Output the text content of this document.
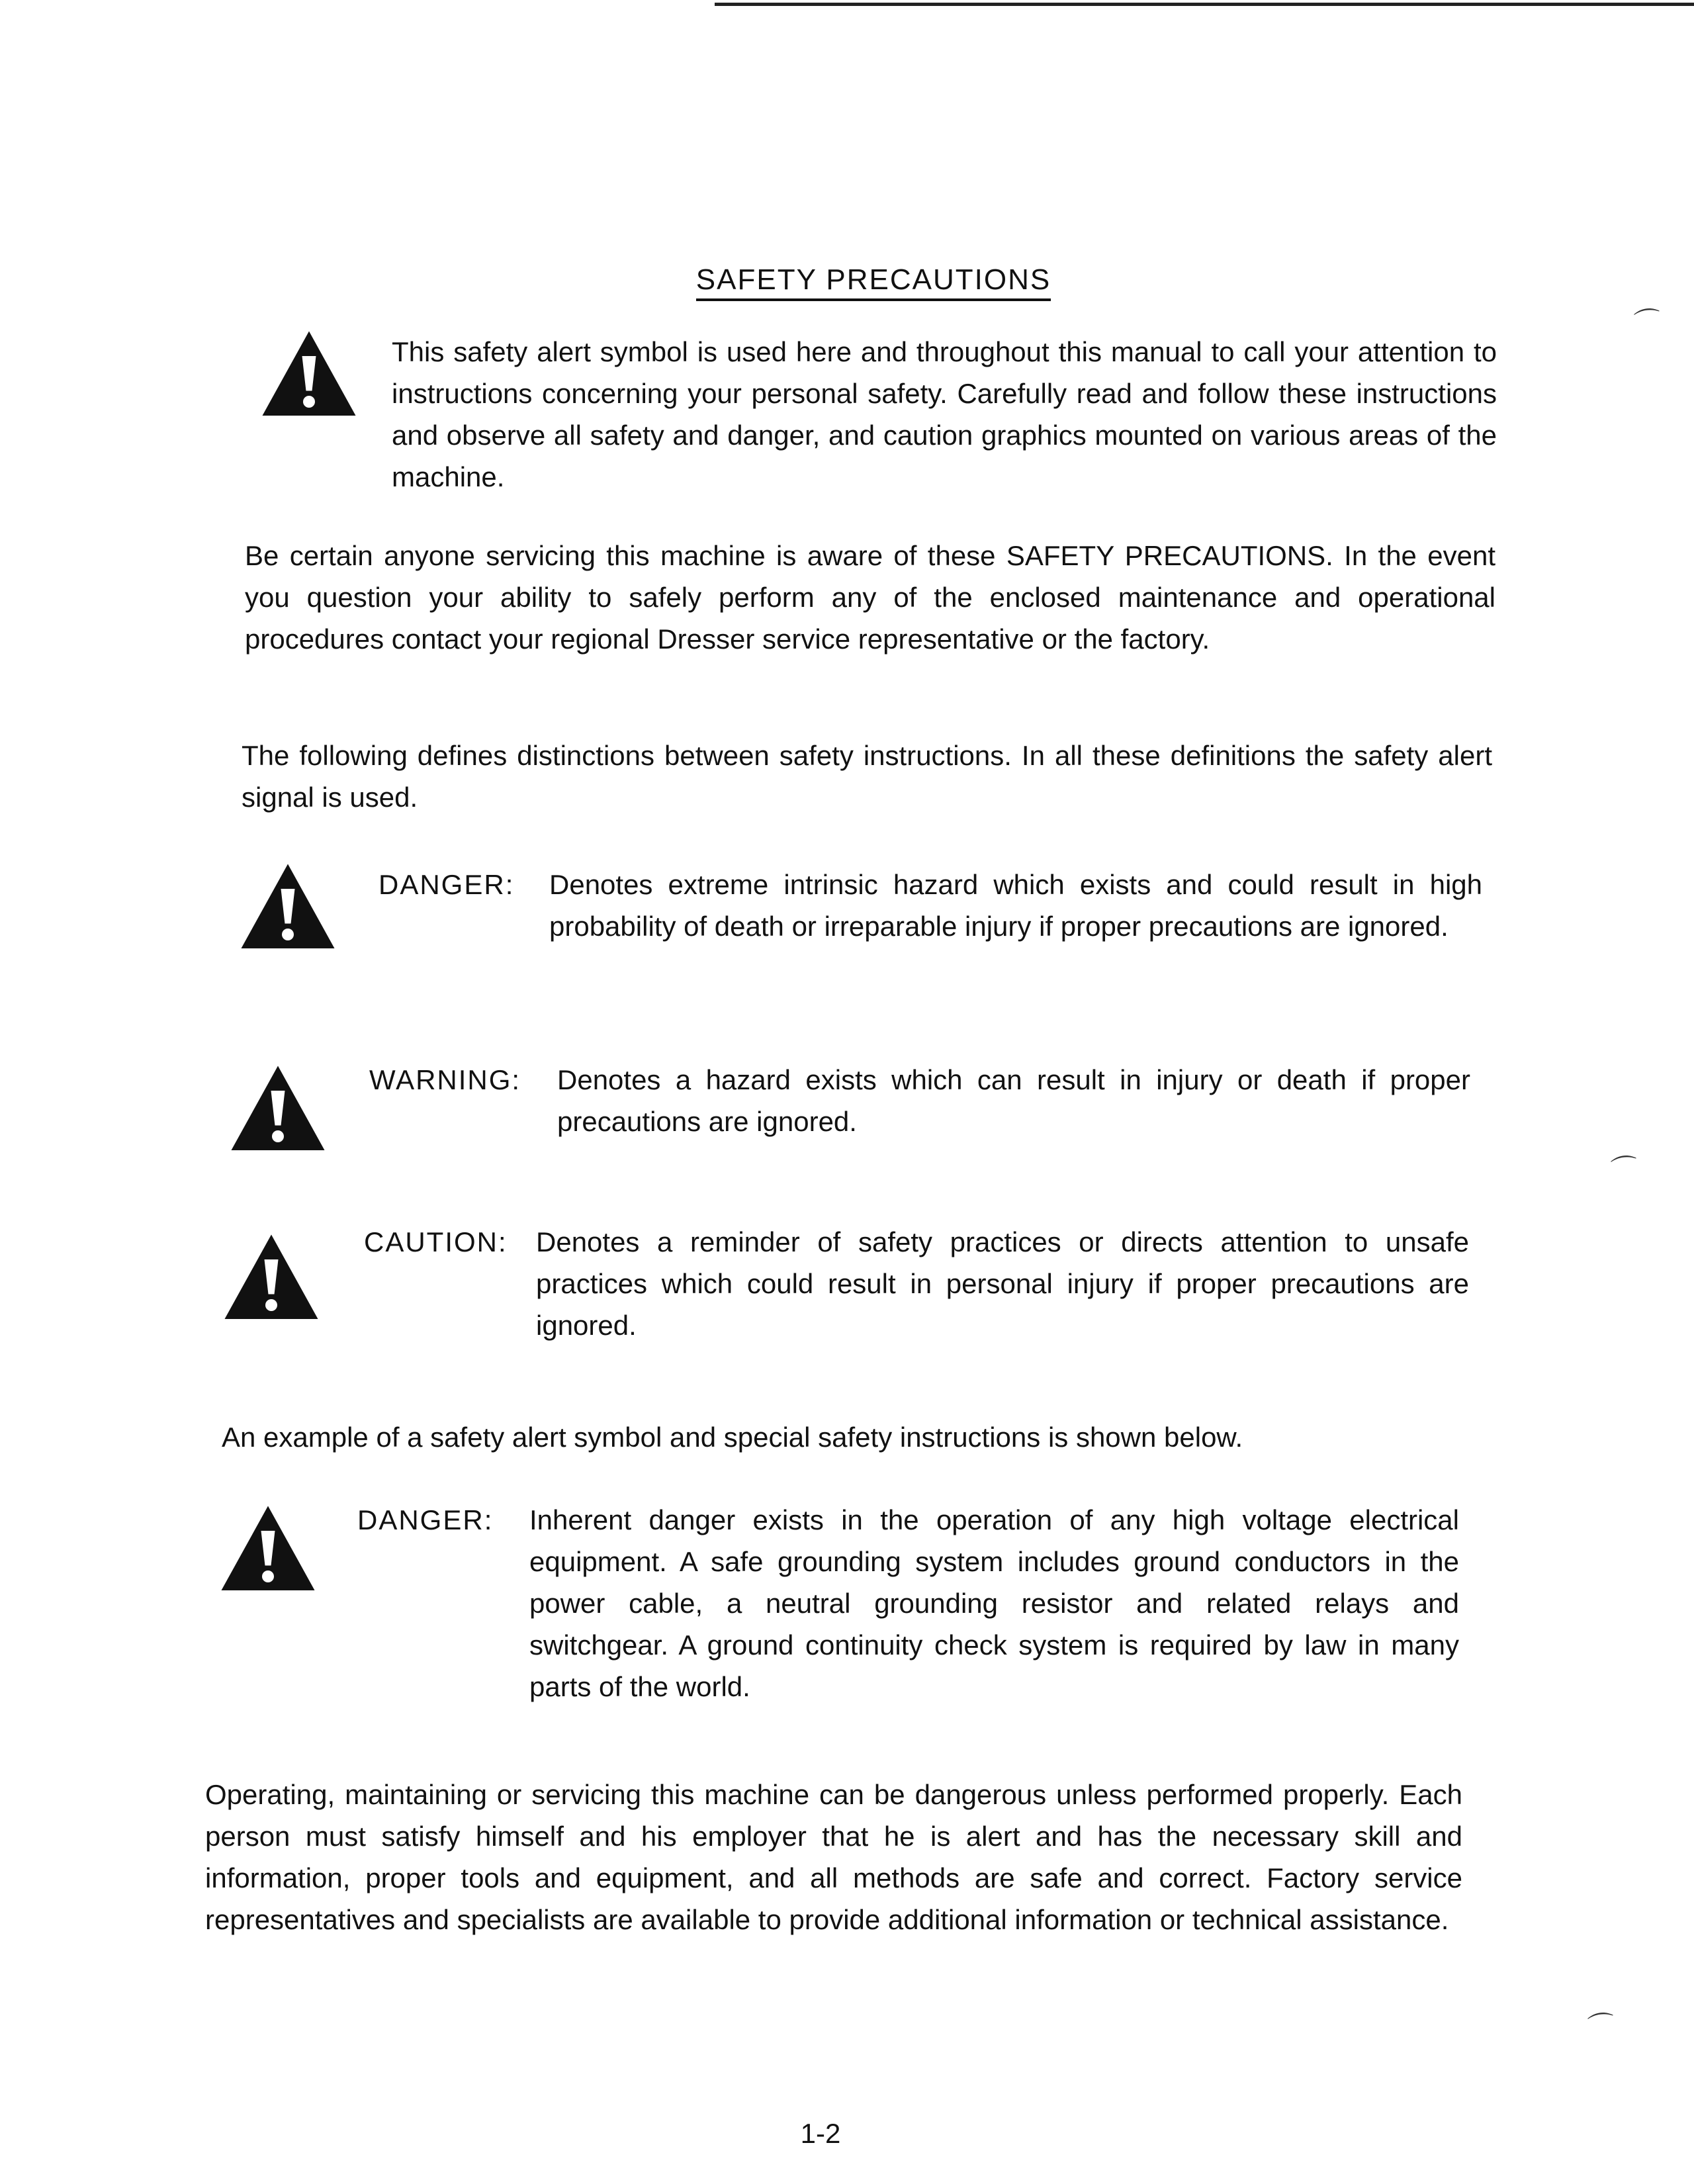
⌒
⌒
⌒
SAFETY PRECAUTIONS

This safety alert symbol is used here and throughout this manual to call your attention to instructions concerning your personal safety. Carefully read and follow these instructions and observe all safety and danger, and caution graphics mounted on various areas of the machine.

Be certain anyone servicing this machine is aware of these SAFETY PRECAUTIONS. In the event you question your ability to safely perform any of the enclosed maintenance and operational procedures contact your regional Dresser service representative or the factory.

The following defines distinctions between safety instructions. In all these definitions the safety alert signal is used.

DANGER: Denotes extreme intrinsic hazard which exists and could result in high probability of death or irreparable injury if proper precautions are ignored.

WARNING: Denotes a hazard exists which can result in injury or death if proper precautions are ignored.

CAUTION: Denotes a reminder of safety practices or directs attention to unsafe practices which could result in personal injury if proper precautions are ignored.

An example of a safety alert symbol and special safety instructions is shown below.

DANGER: Inherent danger exists in the operation of any high voltage electrical equipment. A safe grounding system includes ground conductors in the power cable, a neutral grounding resistor and related relays and switchgear. A ground continuity check system is required by law in many parts of the world.

Operating, maintaining or servicing this machine can be dangerous unless performed properly. Each person must satisfy himself and his employer that he is alert and has the necessary skill and information, proper tools and equipment, and all methods are safe and correct. Factory service representatives and specialists are available to provide additional information or technical assistance.

1-2
